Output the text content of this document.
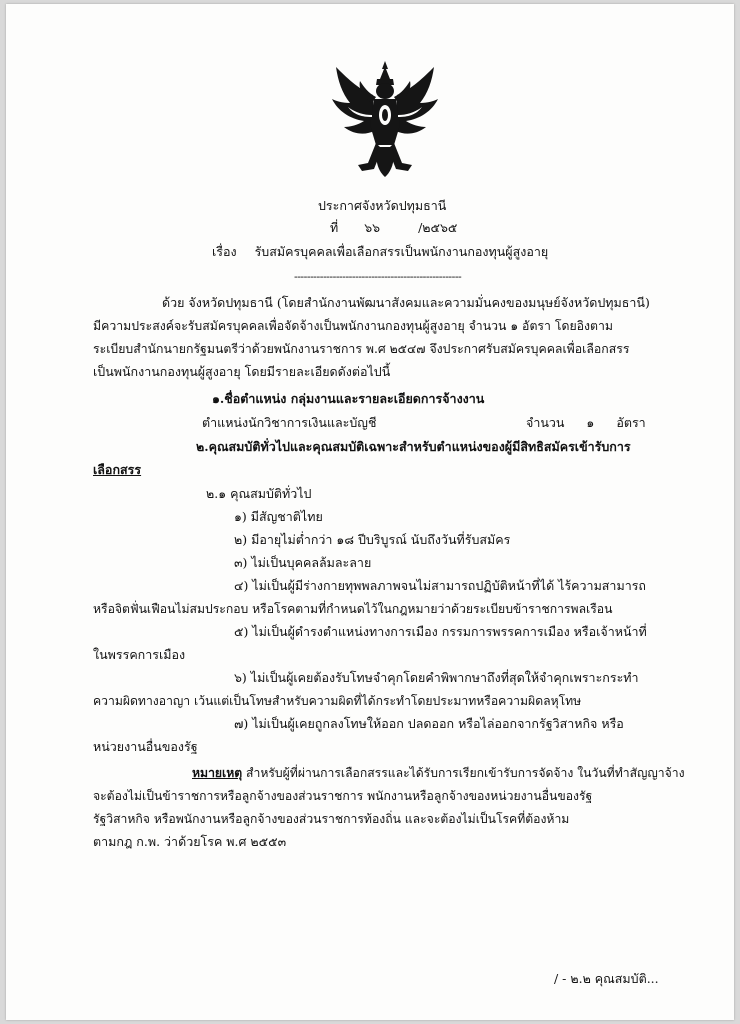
ประกาศจังหวัดปทุมธานี
ที่ ๖๖	/๒๕๖๕
เรื่อง รับสมัครบุคคลเพื่อเลือกสรรเป็นพนักงานกองทุนผู้สูงอายุ
----------------------------------------------------
ด้วย จังหวัดปทุมธานี (โดยสำนักงานพัฒนาสังคมและความมั่นคงของมนุษย์จังหวัดปทุมธานี)
มีความประสงค์จะรับสมัครบุคคลเพื่อจัดจ้างเป็นพนักงานกองทุนผู้สูงอายุ จำนวน ๑ อัตรา โดยอิงตาม
ระเบียบสำนักนายกรัฐมนตรีว่าด้วยพนักงานราชการ พ.ศ ๒๕๔๗ จึงประกาศรับสมัครบุคคลเพื่อเลือกสรร
เป็นพนักงานกองทุนผู้สูงอายุ โดยมีรายละเอียดดังต่อไปนี้
๑.ชื่อตำแหน่ง กลุ่มงานและรายละเอียดการจ้างงาน
ตำแหน่งนักวิชาการเงินและบัญชี	จำนวน ๑ อัตรา
๒.คุณสมบัติทั่วไปและคุณสมบัติเฉพาะสำหรับตำแหน่งของผู้มีสิทธิสมัครเข้ารับการ
เลือกสรร
๒.๑ คุณสมบัติทั่วไป
๑) มีสัญชาติไทย
๒) มีอายุไม่ต่ำกว่า ๑๘ ปีบริบูรณ์ นับถึงวันที่รับสมัคร
๓) ไม่เป็นบุคคลล้มละลาย
๔) ไม่เป็นผู้มีร่างกายทุพพลภาพจนไม่สามารถปฏิบัติหน้าที่ได้ ไร้ความสามารถ
หรือจิตฟั่นเฟือนไม่สมประกอบ หรือโรคตามที่กำหนดไว้ในกฎหมายว่าด้วยระเบียบข้าราชการพลเรือน
๕) ไม่เป็นผู้ดำรงตำแหน่งทางการเมือง กรรมการพรรคการเมือง หรือเจ้าหน้าที่
ในพรรคการเมือง
๖) ไม่เป็นผู้เคยต้องรับโทษจำคุกโดยคำพิพากษาถึงที่สุดให้จำคุกเพราะกระทำ
ความผิดทางอาญา เว้นแต่เป็นโทษสำหรับความผิดที่ได้กระทำโดยประมาทหรือความผิดลหุโทษ
๗) ไม่เป็นผู้เคยถูกลงโทษให้ออก ปลดออก หรือไล่ออกจากรัฐวิสาหกิจ หรือ
หน่วยงานอื่นของรัฐ
หมายเหตุ สำหรับผู้ที่ผ่านการเลือกสรรและได้รับการเรียกเข้ารับการจัดจ้าง ในวันที่ทำสัญญาจ้าง
จะต้องไม่เป็นข้าราชการหรือลูกจ้างของส่วนราชการ พนักงานหรือลูกจ้างของหน่วยงานอื่นของรัฐ
รัฐวิสาหกิจ หรือพนักงานหรือลูกจ้างของส่วนราชการท้องถิ่น และจะต้องไม่เป็นโรคที่ต้องห้าม
ตามกฎ ก.พ. ว่าด้วยโรค พ.ศ ๒๕๕๓
/ - ๒.๒ คุณสมบัติ...
